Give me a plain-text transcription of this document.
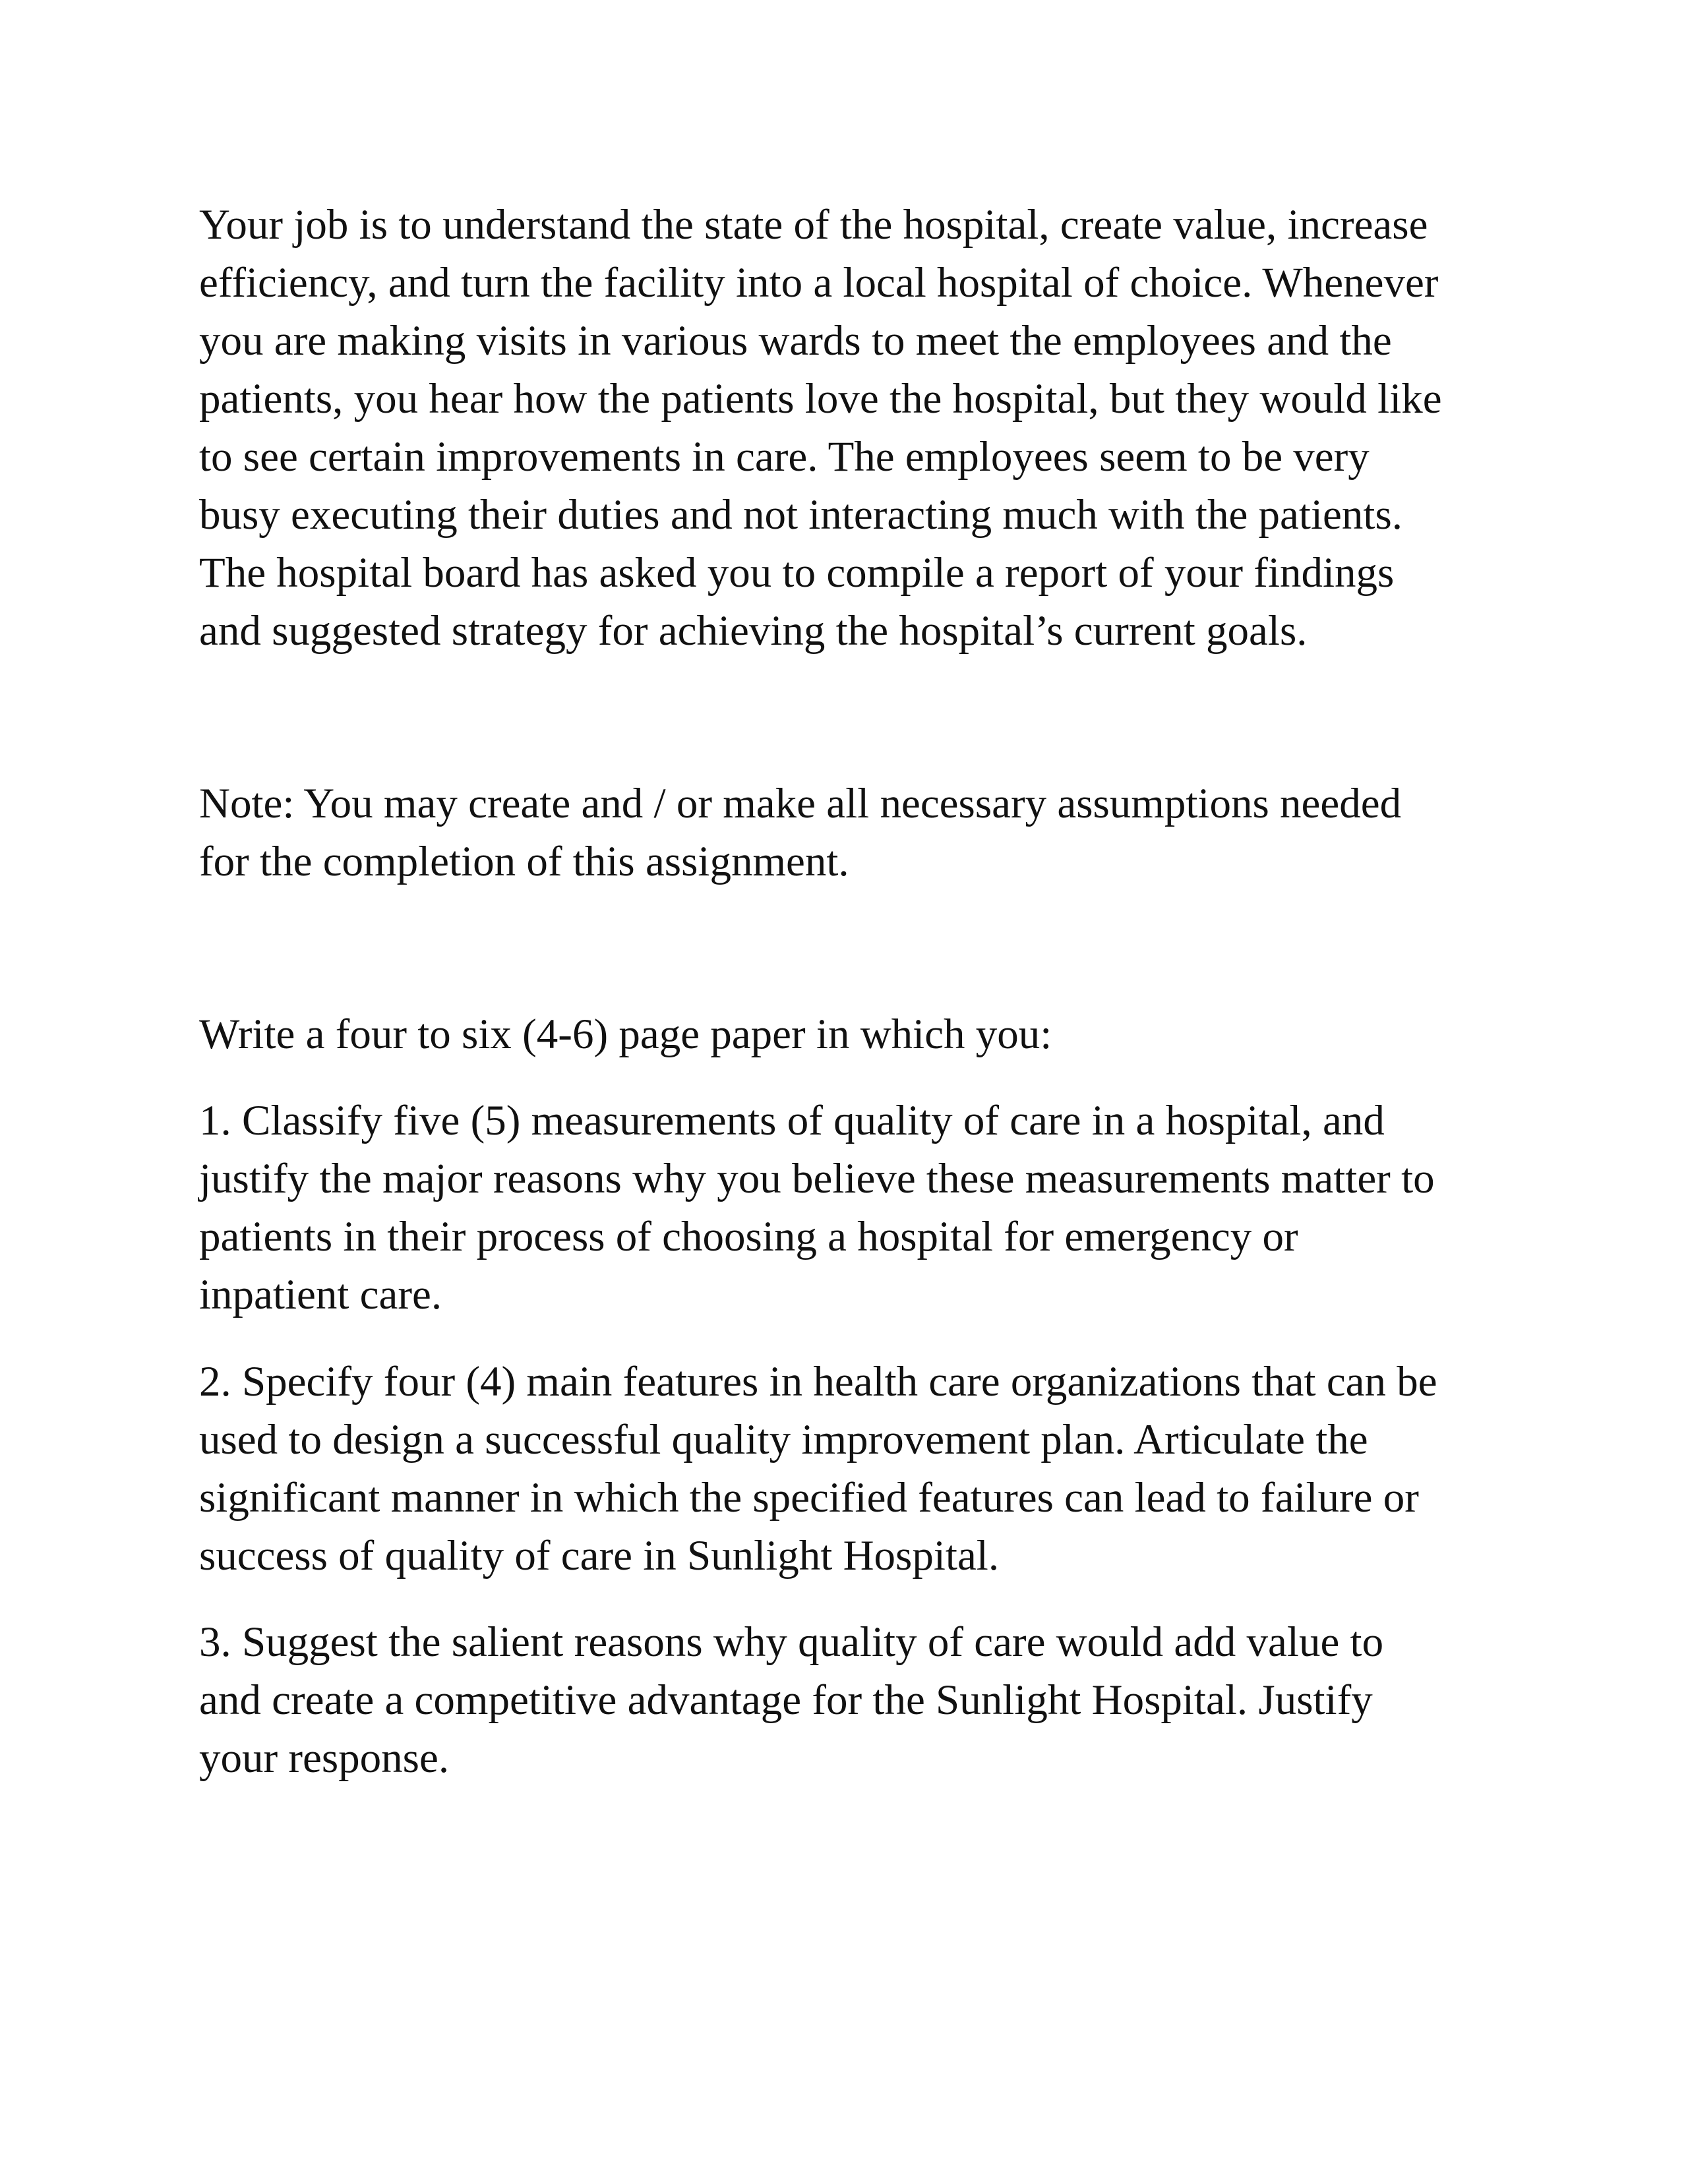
Your job is to understand the state of the hospital, create value, increase
efficiency, and turn the facility into a local hospital of choice. Whenever
you are making visits in various wards to meet the employees and the
patients, you hear how the patients love the hospital, but they would like
to see certain improvements in care. The employees seem to be very
busy executing their duties and not interacting much with the patients.
The hospital board has asked you to compile a report of your findings
and suggested strategy for achieving the hospital’s current goals.

Note: You may create and / or make all necessary assumptions needed
for the completion of this assignment.

Write a four to six (4-6) page paper in which you:

1. Classify five (5) measurements of quality of care in a hospital, and
justify the major reasons why you believe these measurements matter to
patients in their process of choosing a hospital for emergency or
inpatient care.

2. Specify four (4) main features in health care organizations that can be
used to design a successful quality improvement plan. Articulate the
significant manner in which the specified features can lead to failure or
success of quality of care in Sunlight Hospital.

3. Suggest the salient reasons why quality of care would add value to
and create a competitive advantage for the Sunlight Hospital. Justify
your response.
